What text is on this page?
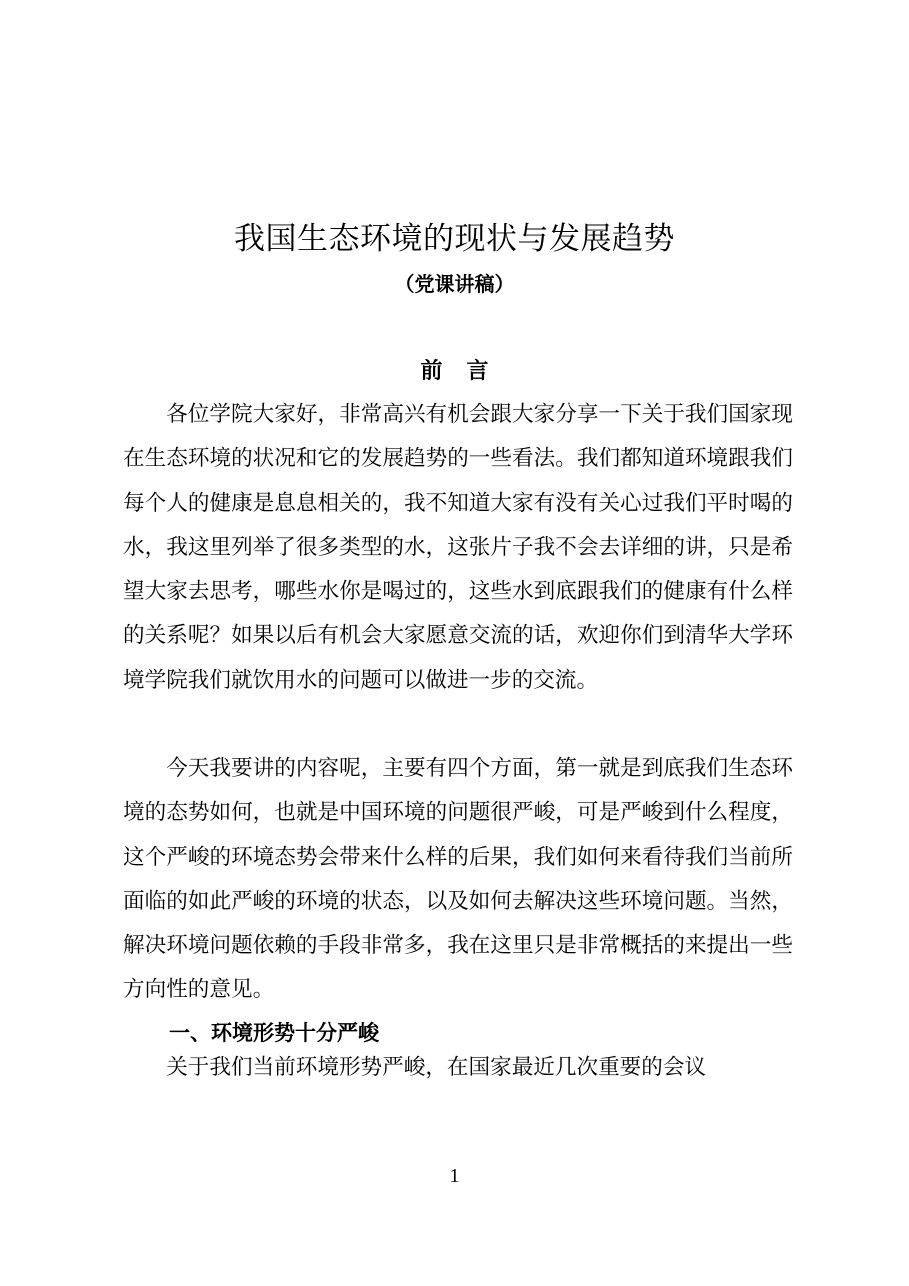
我国生态环境的现状与发展趋势
（党课讲稿）
前言
各位学院大家好，非常高兴有机会跟大家分享一下关于我们国家现在生态环境的状况和它的发展趋势的一些看法。我们都知道环境跟我们每个人的健康是息息相关的，我不知道大家有没有关心过我们平时喝的水，我这里列举了很多类型的水，这张片子我不会去详细的讲，只是希望大家去思考，哪些水你是喝过的，这些水到底跟我们的健康有什么样的关系呢？如果以后有机会大家愿意交流的话，欢迎你们到清华大学环境学院我们就饮用水的问题可以做进一步的交流。
今天我要讲的内容呢，主要有四个方面，第一就是到底我们生态环境的态势如何，也就是中国环境的问题很严峻，可是严峻到什么程度，这个严峻的环境态势会带来什么样的后果，我们如何来看待我们当前所面临的如此严峻的环境的状态，以及如何去解决这些环境问题。当然，解决环境问题依赖的手段非常多，我在这里只是非常概括的来提出一些方向性的意见。
一、环境形势十分严峻
关于我们当前环境形势严峻，在国家最近几次重要的会议
1
